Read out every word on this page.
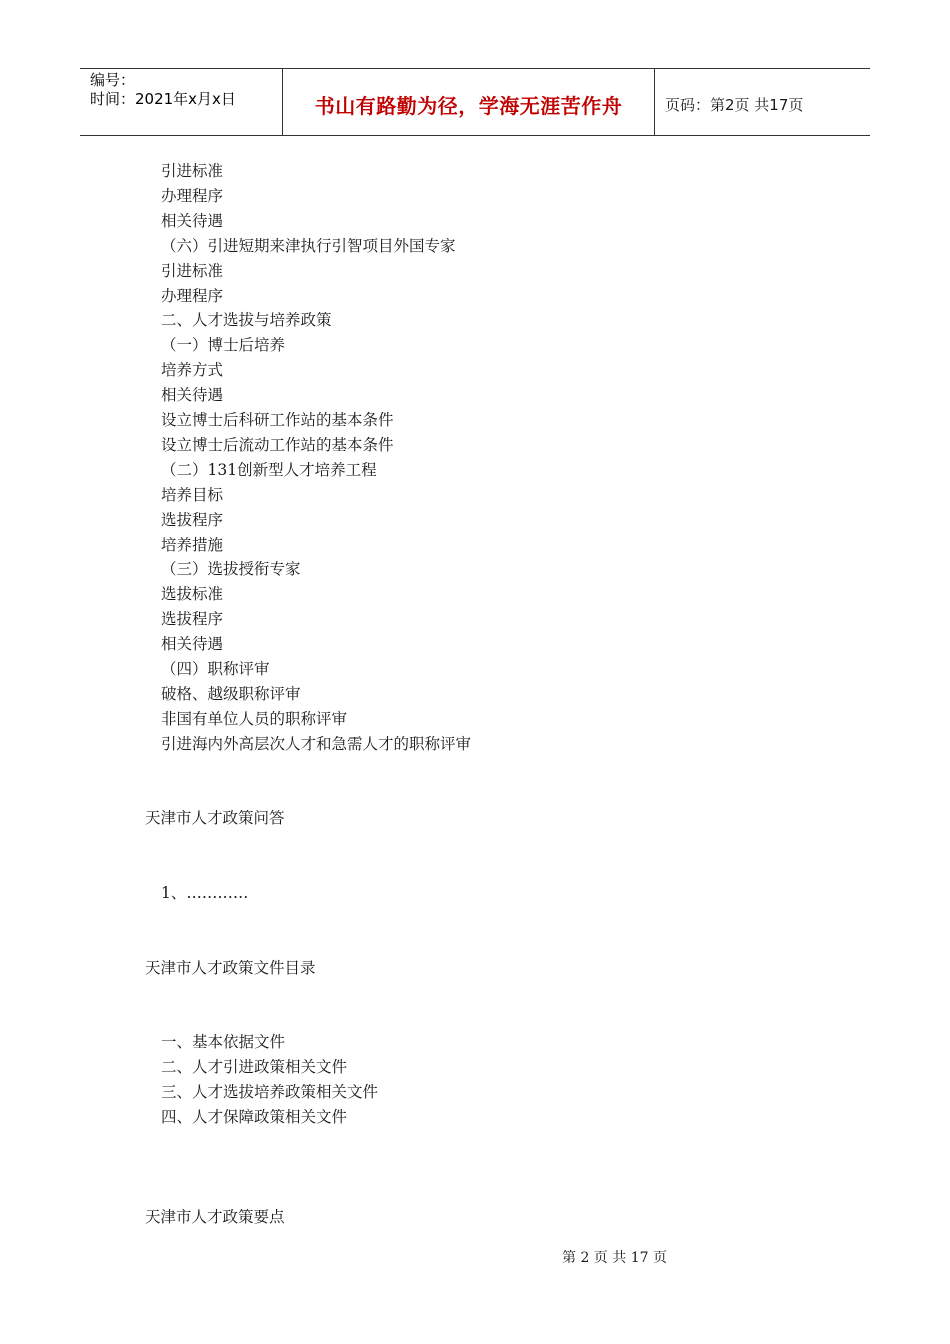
编号：
时间：2021年x月x日	书山有路勤为径，学海无涯苦作舟	页码：第2页 共17页
引进标准
办理程序
相关待遇
（六）引进短期来津执行引智项目外国专家
引进标准
办理程序
二、人才选拔与培养政策
（一）博士后培养
培养方式
相关待遇
设立博士后科研工作站的基本条件
设立博士后流动工作站的基本条件
（二）131创新型人才培养工程
培养目标
选拔程序
培养措施
（三）选拔授衔专家
选拔标准
选拔程序
相关待遇
（四）职称评审
破格、越级职称评审
非国有单位人员的职称评审
引进海内外高层次人才和急需人才的职称评审
天津市人才政策问答
1、…………
天津市人才政策文件目录
一、基本依据文件
二、人才引进政策相关文件
三、人才选拔培养政策相关文件
四、人才保障政策相关文件
天津市人才政策要点
第 2 页 共 17 页
